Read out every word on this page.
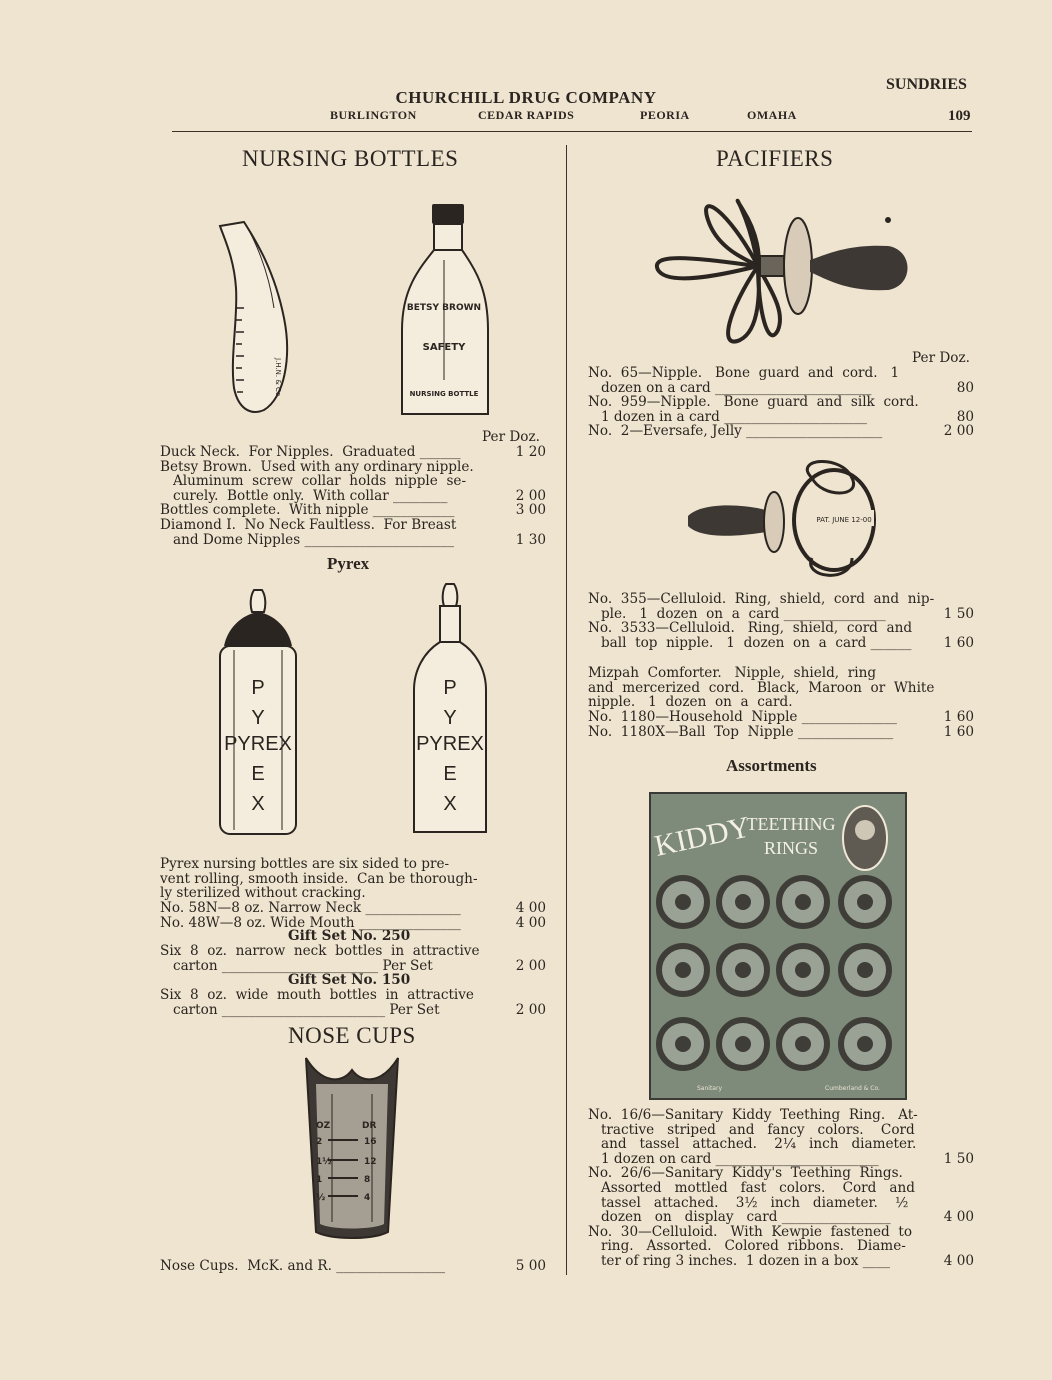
SUNDRIES
CHURCHILL DRUG COMPANY
BURLINGTON	CEDAR RAPIDS	PEORIA	OMAHA	109
NURSING BOTTLES
J.H.N. & Co.
BETSY BROWN
SAFETY
NURSING BOTTLE
Per Doz.
Duck Neck.  For Nipples.  Graduated ______	1 20
Betsy Brown.  Used with any ordinary nipple.
Aluminum  screw  collar  holds  nipple  se-
curely.  Bottle only.  With collar ________	2 00
Bottles complete.  With nipple ____________	3 00
Diamond I.  No Neck Faultless.  For Breast
and Dome Nipples ______________________	1 30
Pyrex
P
Y
PYREX
E
X
P
Y
PYREX
E
X
Pyrex nursing bottles are six sided to pre-
vent rolling, smooth inside.  Can be thorough-
ly sterilized without cracking.
No. 58N—8 oz. Narrow Neck ______________	4 00
No. 48W—8 oz. Wide Mouth _______________	4 00
Gift Set No. 250
Six  8  oz.  narrow  neck  bottles  in  attractive
carton _______________________ Per Set	2 00
Gift Set No. 150
Six  8  oz.  wide  mouth  bottles  in  attractive
carton ________________________ Per Set	2 00
NOSE CUPS
OZ	DR
2	16
1½	12
1	8
½	4
Nose Cups.  McK. and R. ________________	5 00
PACIFIERS
Per Doz.
No.  65—Nipple.   Bone  guard  and  cord.   1
dozen on a card _______________________	80
No.  959—Nipple.   Bone  guard  and  silk  cord.
1 dozen in a card _____________________	80
No.  2—Eversafe, Jelly ____________________	2 00
PAT. JUNE 12-00
No.  355—Celluloid.  Ring,  shield,  cord  and  nip-
ple.   1  dozen  on  a  card _______________	1 50
No.  3533—Celluloid.   Ring,  shield,  cord  and
ball  top  nipple.   1  dozen  on  a  card ______	1 60
Mizpah  Comforter.   Nipple,  shield,  ring
and  mercerized  cord.   Black,  Maroon  or  White
nipple.   1  dozen  on  a  card.
No.  1180—Household  Nipple ______________	1 60
No.  1180X—Ball  Top  Nipple ______________	1 60
Assortments
KIDDY
TEETHING
RINGS
Sanitary	Cumberland & Co.
No.  16/6—Sanitary  Kiddy  Teething  Ring.   At-
tractive   striped   and   fancy   colors.    Cord
and   tassel   attached.    2¼   inch   diameter.
1 dozen on card ________________________	1 50
No.  26/6—Sanitary  Kiddy's  Teething  Rings.
Assorted   mottled   fast   colors.    Cord   and
tassel   attached.    3½   inch   diameter.    ½
dozen   on   display   card ________________	4 00
No.  30—Celluloid.   With  Kewpie  fastened  to
ring.   Assorted.   Colored  ribbons.   Diame-
ter of ring 3 inches.  1 dozen in a box ____	4 00
